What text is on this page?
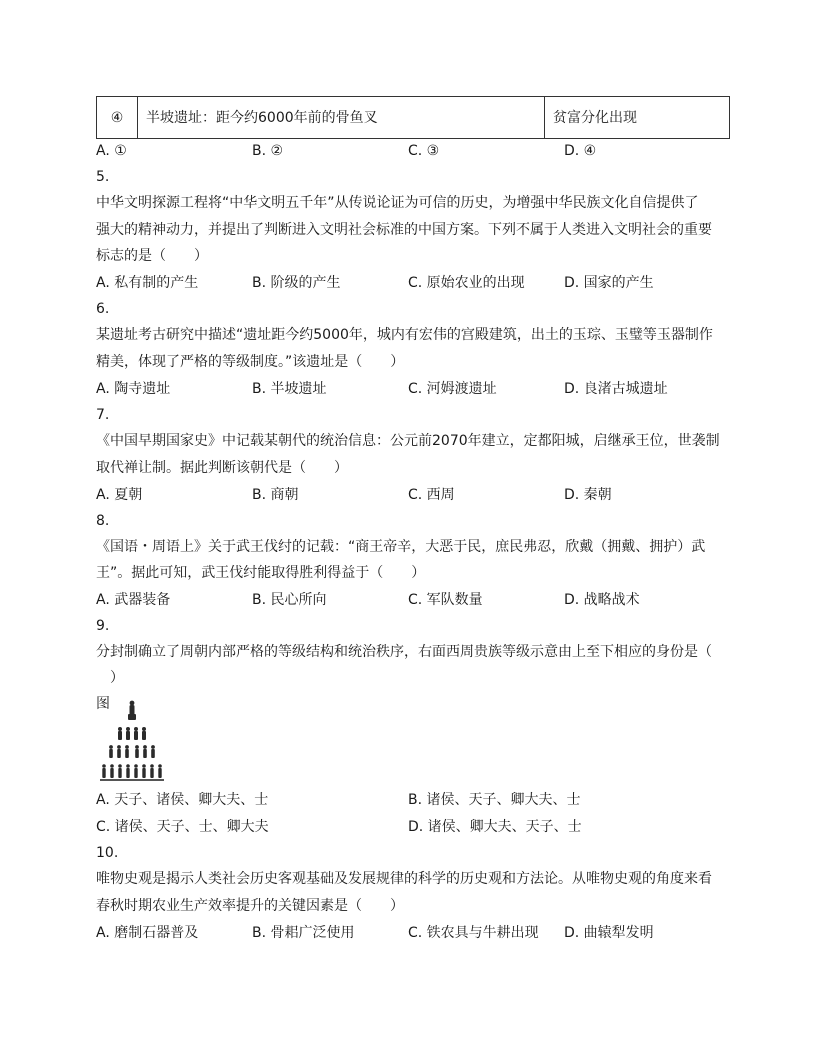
④	半坡遗址：距今约6000年前的骨鱼叉	贫富分化出现
A. ①	B. ②	C. ③	D. ④
5.
中华文明探源工程将“中华文明五千年”从传说论证为可信的历史，为增强中华民族文化自信提供了
强大的精神动力，并提出了判断进入文明社会标准的中国方案。下列不属于人类进入文明社会的重要
标志的是（　　）
A. 私有制的产生	B. 阶级的产生	C. 原始农业的出现	D. 国家的产生
6.
某遗址考古研究中描述“遗址距今约5000年，城内有宏伟的宫殿建筑，出土的玉琮、玉璧等玉器制作
精美，体现了严格的等级制度。”该遗址是（　　）
A. 陶寺遗址	B. 半坡遗址	C. 河姆渡遗址	D. 良渚古城遗址
7.
《中国早期国家史》中记载某朝代的统治信息：公元前2070年建立，定都阳城，启继承王位，世袭制
取代禅让制。据此判断该朝代是（　　）
A. 夏朝	B. 商朝	C. 西周	D. 秦朝
8.
《国语・周语上》关于武王伐纣的记载：“商王帝辛，大恶于民，庶民弗忍，欣戴（拥戴、拥护）武
王”。据此可知，武王伐纣能取得胜利得益于（　　）
A. 武器装备	B. 民心所向	C. 军队数量	D. 战略战术
9.
分封制确立了周朝内部严格的等级结构和统治秩序，右面西周贵族等级示意由上至下相应的身份是（
　）
图
A. 天子、诸侯、卿大夫、士	B. 诸侯、天子、卿大夫、士
C. 诸侯、天子、士、卿大夫	D. 诸侯、卿大夫、天子、士
10.
唯物史观是揭示人类社会历史客观基础及发展规律的科学的历史观和方法论。从唯物史观的角度来看
春秋时期农业生产效率提升的关键因素是（　　）
A. 磨制石器普及	B. 骨耜广泛使用	C. 铁农具与牛耕出现 D. 曲辕犁发明
